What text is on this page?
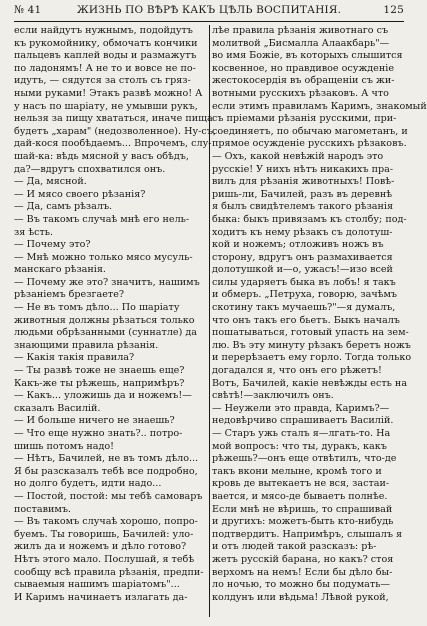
№ 41	ЖИЗНЬ ПО ВѢРѢ КАКЪ ЦѢЛЬ ВОСПИТАНІЯ.	125
если найдутъ нужнымъ, подойдутъ
къ рукомойнику, обмочатъ кончики
пальцевъ каплей воды и размажутъ
по ладонямъ! А не то и вовсе не по-
идутъ, — сядутся за столъ съ гряз-
ными руками! Этакъ развѣ можно! А
у насъ по шаріату, не умывши рукъ,
нельзя за пищу хвататься, иначе пища
будетъ „харам" (недозволенное). Ну-съ,
дай-кося пообѣдаемъ... Впрочемъ, слу-
шай-ка: вѣдь мясной у васъ обѣдъ,
да?—вдругъ спохватился онъ.
— Да, мясной.
— И мясо своего рѣзанія?
— Да, самъ рѣзалъ.
— Въ такомъ случаѣ мнѣ его нель-
зя ѣсть.
— Почему это?
— Мнѣ можно только мясо мусуль-
манскаго рѣзанія.
— Почему же это? значитъ, нашимъ
рѣзаніемъ брезгаете?
— Не въ томъ дѣло... По шаріату
животныя должны рѣзаться только
людьми обрѣзанными (суннатле) да
знающими правила рѣзанія.
— Какія такія правила?
— Ты развѣ тоже не знаешь еще?
Какъ-же ты рѣжешь, напримѣръ?
— Какъ... уложишь да и ножемъ!—
сказалъ Василій.
— И больше ничего не знаешь?
— Что еще нужно знать?.. потро-
шишь потомъ надо!
— Нѣтъ, Бачилей, не въ томъ дѣло...
Я бы разсказалъ тебѣ все подробно,
но долго будетъ, идти надо...
— Постой, постой: мы тебѣ самоваръ
поставимъ.
— Въ такомъ случаѣ хорошо, попро-
буемъ. Ты говоришь, Бачилей: уло-
жилъ да и ножемъ и дѣло готово?
Нѣтъ этого мало. Послушай, я тебѣ
сообщу всѣ правила рѣзанія, предпи-
сываемыя нашимъ шаріатомъ"...
И Каримъ начинаетъ излагать да-
лѣе правила рѣзанія животнаго съ
молитвой „Бисмалла Алаакбарь"—
во имя Божіе, въ которыхъ слышится
косвенное, но правдивое осужденіе
жестокосердія въ обращеніи съ жи-
вотными русскихъ рѣзаковъ. А что
если этимъ правиламъ Каримъ, знакомый
съ пріемами рѣзанія русскими, при-
соединяетъ, по обычаю магометанъ, и
прямое осужденіе русскихъ рѣзаковъ.
— Охъ, какой невѣжій народъ это
русскіе! У нихъ нѣтъ никакихъ пра-
вилъ для рѣзанія животныхъ! Повѣ-
ришь-ли, Бачилей, разъ въ деревнѣ
я былъ свидѣтелемъ такого рѣзанія
быка: быкъ привязамъ къ столбу; под-
ходитъ къ нему рѣзакъ съ долотуш-
кой и ножемъ; отложивъ ножъ въ
сторону, вдругъ онъ размахивается
долотушкой и—о, ужасъ!—изо всей
силы ударяетъ быка въ лобъ! я такъ
и обмеръ. „Петруха, говорю, зачѣмъ
скотину такъ мучаешь?"—я думалъ,
что онъ такъ его бьетъ. Быкъ началъ
пошатываться, готовый упасть на зем-
лю. Въ эту минуту рѣзакъ беретъ ножъ
и перерѣзаетъ ему горло. Тогда только
догадался я, что онъ его рѣжетъ!
Вотъ, Бачилей, какіе невѣжды есть на
свѣтѣ!—заключилъ онъ.
— Неужели это правда, Каримъ?—
недовѣрчиво спрашиваетъ Василій.
— Старъ ужь сталъ я—лгать-то. На
мой вопросъ: что ты, дуракъ, какъ
рѣжешь?—онъ еще отвѣтилъ, что-де
такъ вкони мелыне, кромѣ того и
кровь де вытекаетъ не вся, застаи-
вается, и мясо-де бываетъ полнѣе.
Если мнѣ не вѣришь, то спрашивай
и другихъ: можетъ-быть кто-нибудь
подтвердитъ. Напримѣръ, слышалъ я
и отъ людей такой разсказъ: рѣ-
жетъ русскій барана, но какъ? стоя
верхомъ на немъ! Если бы дѣло бы-
ло ночью, то можно бы подумать—
колдунъ или вѣдьма! Лѣвой рукой,
